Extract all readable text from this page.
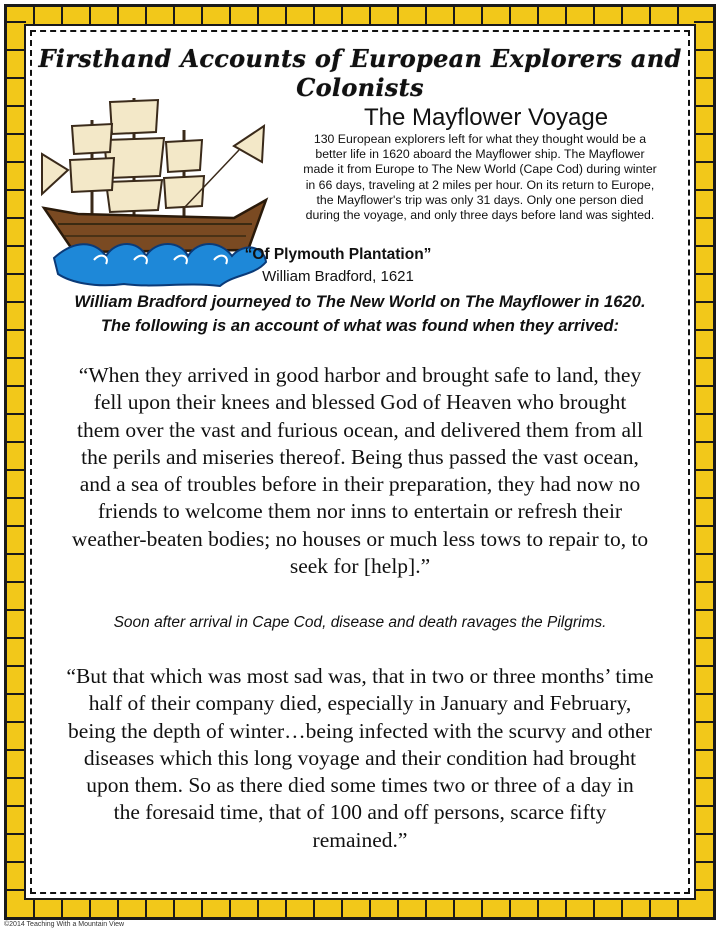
Firsthand Accounts of European Explorers and Colonists
The Mayflower Voyage
130 European explorers left for what they thought would be a
better life in 1620 aboard the Mayflower ship. The Mayflower
made it from Europe to The New World (Cape Cod) during winter
in 66 days, traveling at 2 miles per hour. On its return to Europe,
the Mayflower's trip was only 31 days. Only one person died
during the voyage, and only three days before land was sighted.
“Of Plymouth Plantation”
William Bradford, 1621
William Bradford journeyed to The New World on The Mayflower in 1620.
The following is an account of what was found when they arrived:
“When they arrived in good harbor and brought safe to land, they
fell upon their knees and blessed God of Heaven who brought
them over the vast and furious ocean, and delivered them from all
the perils and miseries thereof. Being thus passed the vast ocean,
and a sea of troubles before in their preparation, they had now no
friends to welcome them nor inns to entertain or refresh their
weather-beaten bodies; no houses or much less tows to repair to, to
seek for [help].”
Soon after arrival in Cape Cod, disease and death ravages the Pilgrims.
“But that which was most sad was, that in two or three months’ time
half of their company died, especially in January and February,
being the depth of winter…being infected with the scurvy and other
diseases which this long voyage and their condition had brought
upon them. So as there died some times two or three of a day in
the foresaid time, that of 100 and off persons, scarce fifty
remained.”
©2014 Teaching With a Mountain View
